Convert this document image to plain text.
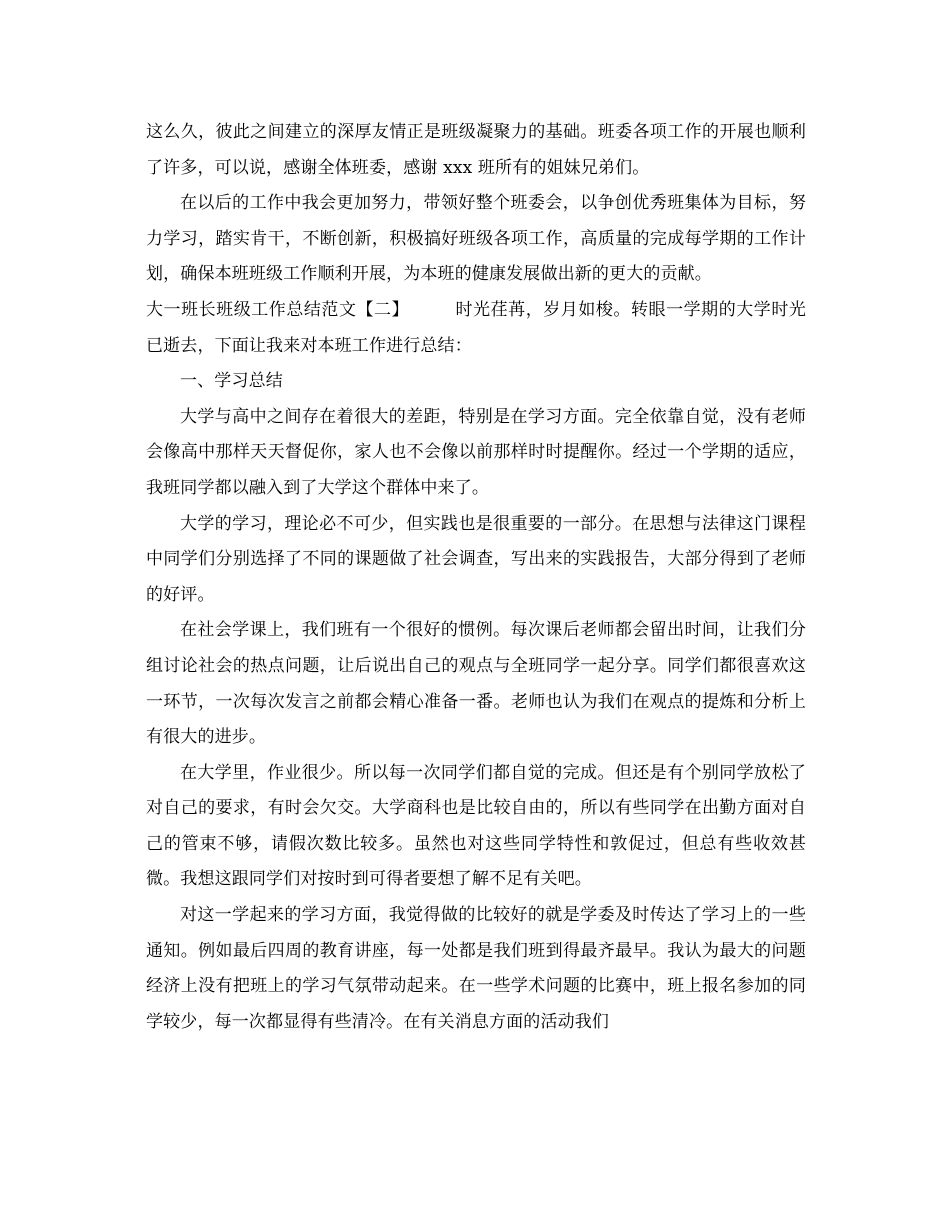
这么久，彼此之间建立的深厚友情正是班级凝聚力的基础。班委各项工作的开展也顺利了许多，可以说，感谢全体班委，感谢 xxx 班所有的姐妹兄弟们。

在以后的工作中我会更加努力，带领好整个班委会，以争创优秀班集体为目标，努力学习，踏实肯干，不断创新，积极搞好班级各项工作，高质量的完成每学期的工作计划，确保本班班级工作顺利开展，为本班的健康发展做出新的更大的贡献。

大一班长班级工作总结范文【二】	时光荏苒，岁月如梭。转眼一学期的大学时光已逝去，下面让我来对本班工作进行总结：

一、学习总结

大学与高中之间存在着很大的差距，特别是在学习方面。完全依靠自觉，没有老师会像高中那样天天督促你，家人也不会像以前那样时时提醒你。经过一个学期的适应，我班同学都以融入到了大学这个群体中来了。

大学的学习，理论必不可少，但实践也是很重要的一部分。在思想与法律这门课程中同学们分别选择了不同的课题做了社会调查，写出来的实践报告，大部分得到了老师的好评。

在社会学课上，我们班有一个很好的惯例。每次课后老师都会留出时间，让我们分组讨论社会的热点问题，让后说出自己的观点与全班同学一起分享。同学们都很喜欢这一环节，一次每次发言之前都会精心准备一番。老师也认为我们在观点的提炼和分析上有很大的进步。

在大学里，作业很少。所以每一次同学们都自觉的完成。但还是有个别同学放松了对自己的要求，有时会欠交。大学商科也是比较自由的，所以有些同学在出勤方面对自己的管束不够，请假次数比较多。虽然也对这些同学特性和敦促过，但总有些收效甚微。我想这跟同学们对按时到可得者要想了解不足有关吧。

对这一学起来的学习方面，我觉得做的比较好的就是学委及时传达了学习上的一些通知。例如最后四周的教育讲座，每一处都是我们班到得最齐最早。我认为最大的问题经济上没有把班上的学习气氛带动起来。在一些学术问题的比赛中，班上报名参加的同学较少，每一次都显得有些清冷。在有关消息方面的活动我们
